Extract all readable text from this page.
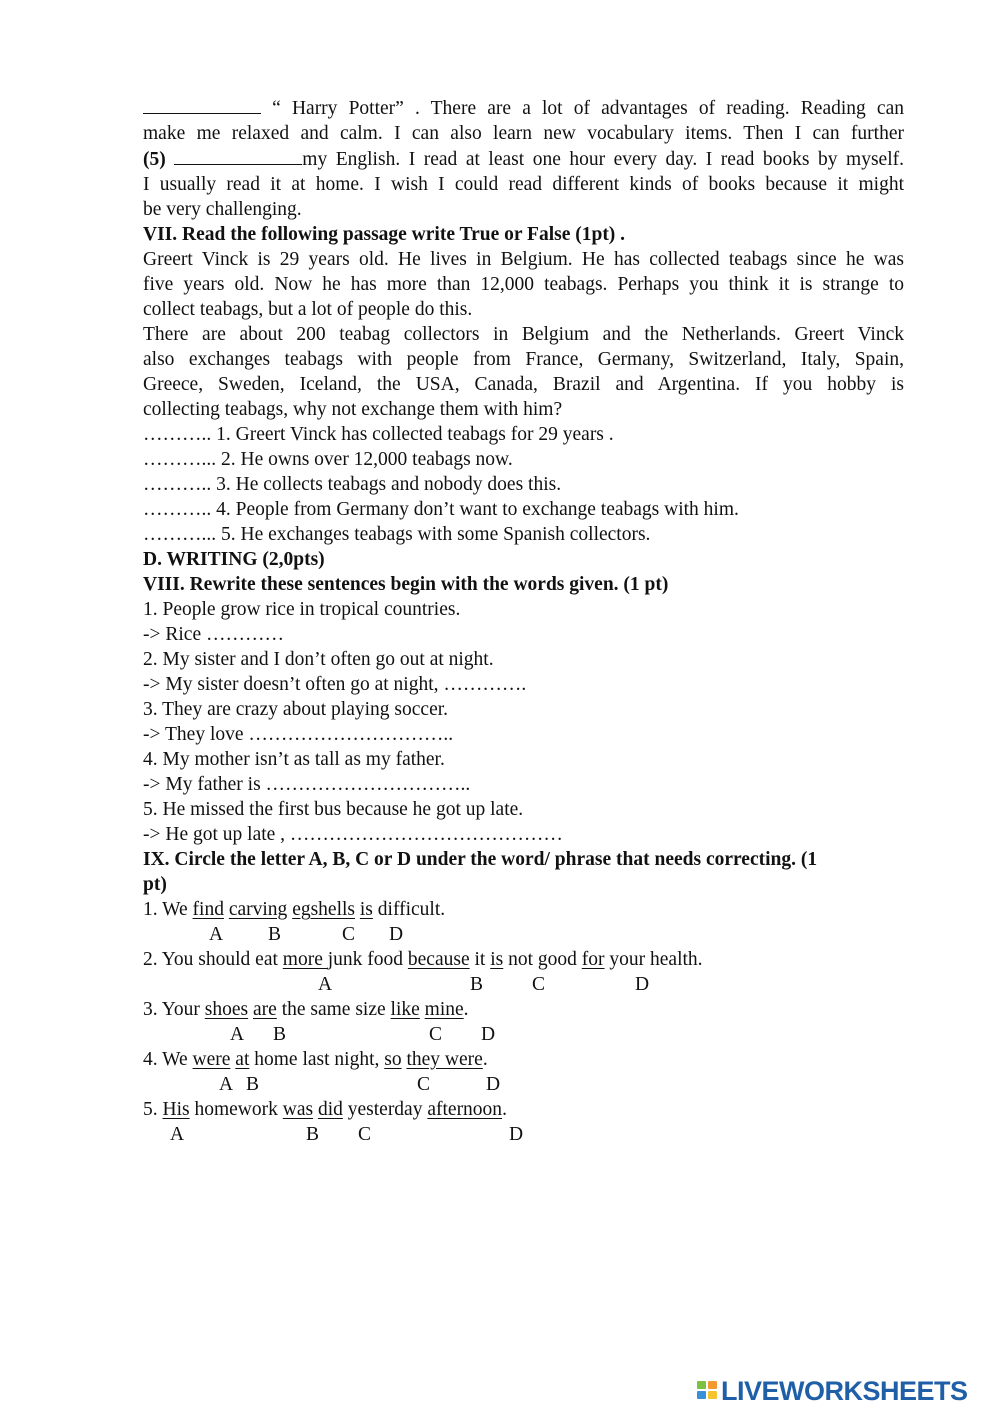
“ Harry Potter” . There are a lot of advantages of reading. Reading can
make me relaxed and calm. I can also learn new vocabulary items. Then I can further
(5)	my English. I read at least one hour every day. I read books by myself.
I usually read it at home. I wish I could read different kinds of books because it might
be very challenging.
VII. Read the following passage write True or False (1pt) .
Greert Vinck is 29 years old. He lives in Belgium. He has collected teabags since he was
five years old. Now he has more than 12,000 teabags. Perhaps you think it is strange to
collect teabags, but a lot of people do this.
There are about 200 teabag collectors in Belgium and the Netherlands. Greert Vinck
also exchanges teabags with people from France, Germany, Switzerland, Italy, Spain,
Greece, Sweden, Iceland, the USA, Canada, Brazil and Argentina. If you hobby is
collecting teabags, why not exchange them with him?
……….. 1. Greert Vinck has collected teabags for 29 years .
………... 2. He owns over 12,000 teabags now.
……….. 3. He collects teabags and nobody does this.
……….. 4. People from Germany don’t want to exchange teabags with him.
………... 5. He exchanges teabags with some Spanish collectors.
D. WRITING (2,0pts)
VIII. Rewrite these sentences begin with the words given. (1 pt)
1. People grow rice in tropical countries.
-> Rice …………
2. My sister and I don’t often go out at night.
-> My sister doesn’t often go at night, ………….
3. They are crazy about playing soccer.
-> They love …………………………..
4. My mother isn’t as tall as my father.
-> My father is …………………………..
5. He missed the first bus because he got up late.
-> He got up late , ……………………………………
IX. Circle the letter A, B, C or D under the word/ phrase that needs correcting. (1
pt)
1. We find carving egshells is difficult.
A B	C D
2. You should eat more junk food because it is not good for your health.
A	B	C	D
3. Your shoes are the same size like mine.
A B	C D
4. We were at home last night, so they were.
A B	C	D
5. His homework was did yesterday afternoon.
A	B C	D
LIVEWORKSHEETS
